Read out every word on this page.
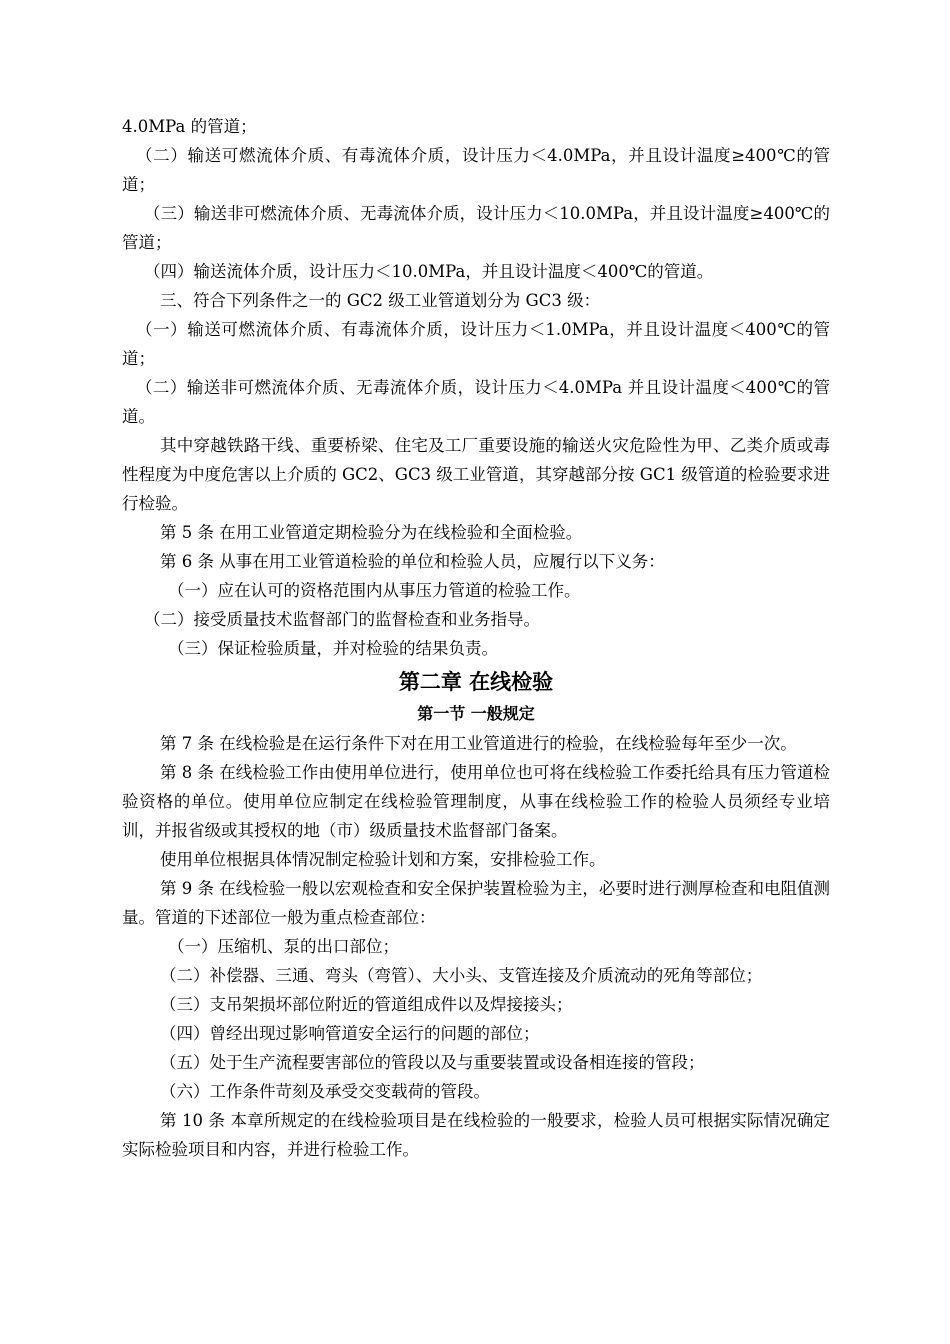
4.0MPa 的管道；

（二）输送可燃流体介质、有毒流体介质，设计压力＜4.0MPa，并且设计温度≥400℃的管道；

（三）输送非可燃流体介质、无毒流体介质，设计压力＜10.0MPa，并且设计温度≥400℃的管道；

（四）输送流体介质，设计压力＜10.0MPa，并且设计温度＜400℃的管道。

三、符合下列条件之一的 GC2 级工业管道划分为 GC3 级：

（一）输送可燃流体介质、有毒流体介质，设计压力＜1.0MPa，并且设计温度＜400℃的管道；

（二）输送非可燃流体介质、无毒流体介质，设计压力＜4.0MPa 并且设计温度＜400℃的管道。

其中穿越铁路干线、重要桥梁、住宅及工厂重要设施的输送火灾危险性为甲、乙类介质或毒性程度为中度危害以上介质的 GC2、GC3 级工业管道，其穿越部分按 GC1 级管道的检验要求进行检验。

第 5 条 在用工业管道定期检验分为在线检验和全面检验。

第 6 条 从事在用工业管道检验的单位和检验人员，应履行以下义务：

（一）应在认可的资格范围内从事压力管道的检验工作。

（二）接受质量技术监督部门的监督检查和业务指导。

（三）保证检验质量，并对检验的结果负责。

第二章 在线检验
第一节 一般规定

第 7 条 在线检验是在运行条件下对在用工业管道进行的检验，在线检验每年至少一次。

第 8 条 在线检验工作由使用单位进行，使用单位也可将在线检验工作委托给具有压力管道检验资格的单位。使用单位应制定在线检验管理制度，从事在线检验工作的检验人员须经专业培训，并报省级或其授权的地（市）级质量技术监督部门备案。

使用单位根据具体情况制定检验计划和方案，安排检验工作。

第 9 条 在线检验一般以宏观检查和安全保护装置检验为主，必要时进行测厚检查和电阻值测量。管道的下述部位一般为重点检查部位：

（一）压缩机、泵的出口部位；

（二）补偿器、三通、弯头（弯管）、大小头、支管连接及介质流动的死角等部位；

（三）支吊架损坏部位附近的管道组成件以及焊接接头；

（四）曾经出现过影响管道安全运行的问题的部位；

（五）处于生产流程要害部位的管段以及与重要装置或设备相连接的管段；

（六）工作条件苛刻及承受交变载荷的管段。

第 10 条 本章所规定的在线检验项目是在线检验的一般要求，检验人员可根据实际情况确定实际检验项目和内容，并进行检验工作。
